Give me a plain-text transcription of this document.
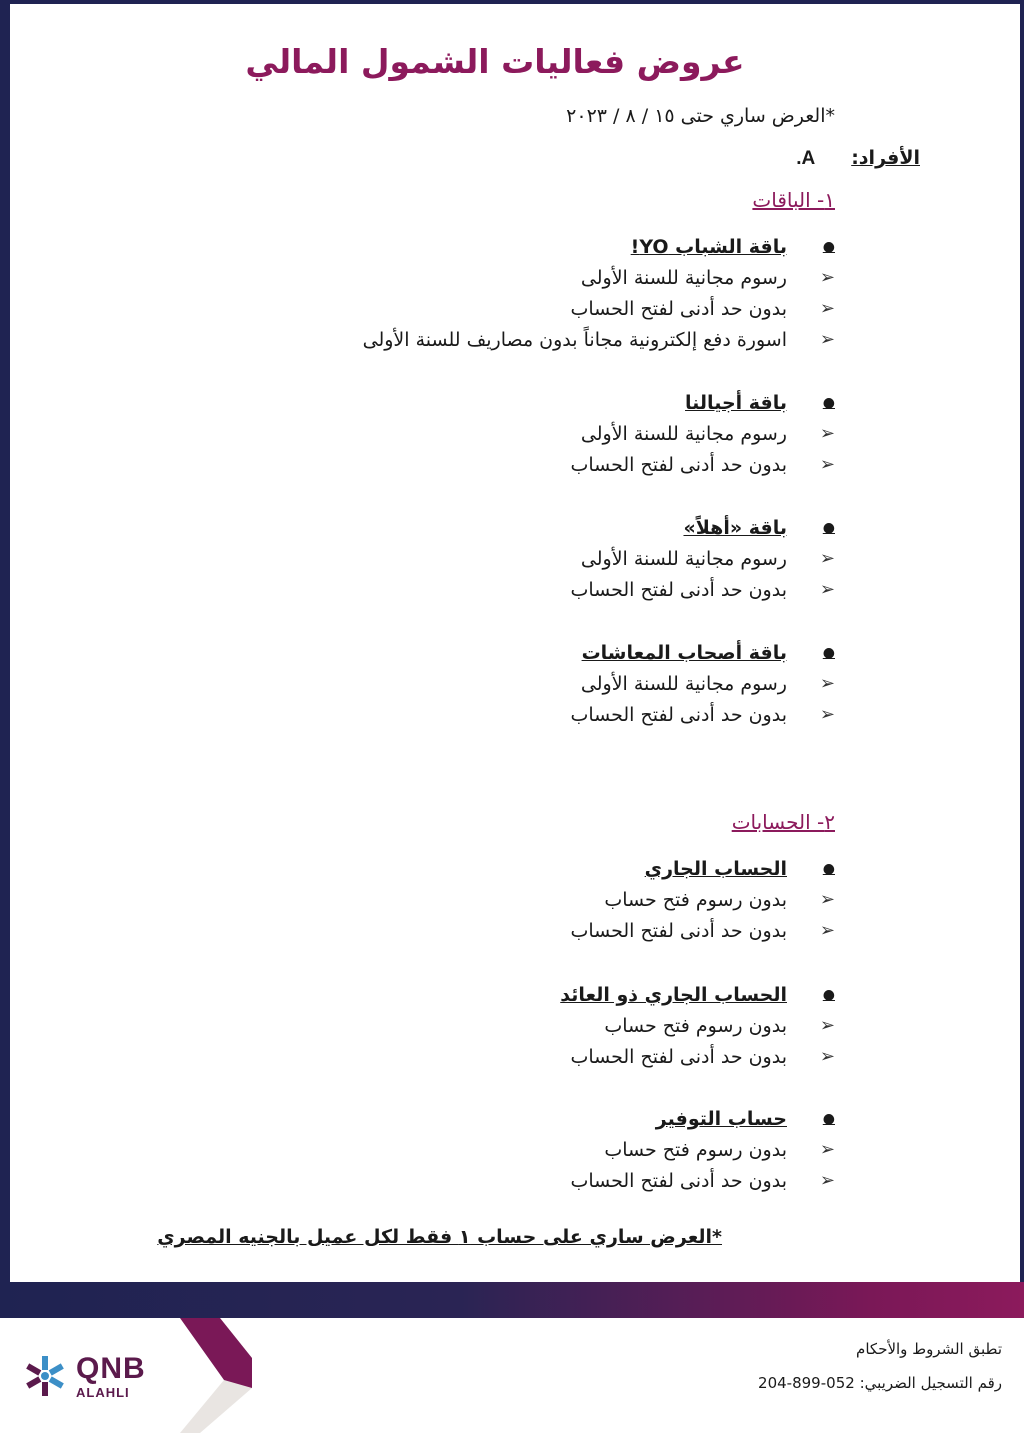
عروض فعاليات الشمول المالي
*العرض ساري حتى ١٥ / ٨ / ٢٠٢٣
الأفراد:
A.
١- الباقات
●
باقة الشباب YO!
➢
رسوم مجانية للسنة الأولى
➢
بدون حد أدنى لفتح الحساب
➢
اسورة دفع إلكترونية مجاناً بدون مصاريف للسنة الأولى
●
باقة أجيالنا
➢
رسوم مجانية للسنة الأولى
➢
بدون حد أدنى لفتح الحساب
●
باقة «أهلاً»
➢
رسوم مجانية للسنة الأولى
➢
بدون حد أدنى لفتح الحساب
●
باقة أصحاب المعاشات
➢
رسوم مجانية للسنة الأولى
➢
بدون حد أدنى لفتح الحساب
٢- الحسابات
●
الحساب الجاري
➢
بدون رسوم فتح حساب
➢
بدون حد أدنى لفتح الحساب
●
الحساب الجاري ذو العائد
➢
بدون رسوم فتح حساب
➢
بدون حد أدنى لفتح الحساب
●
حساب التوفير
➢
بدون رسوم فتح حساب
➢
بدون حد أدنى لفتح الحساب
*العرض ساري على حساب ١ فقط لكل عميل بالجنيه المصري
QNB
ALAHLI
تطبق الشروط والأحكام
رقم التسجيل الضريبي: 052-899-204
